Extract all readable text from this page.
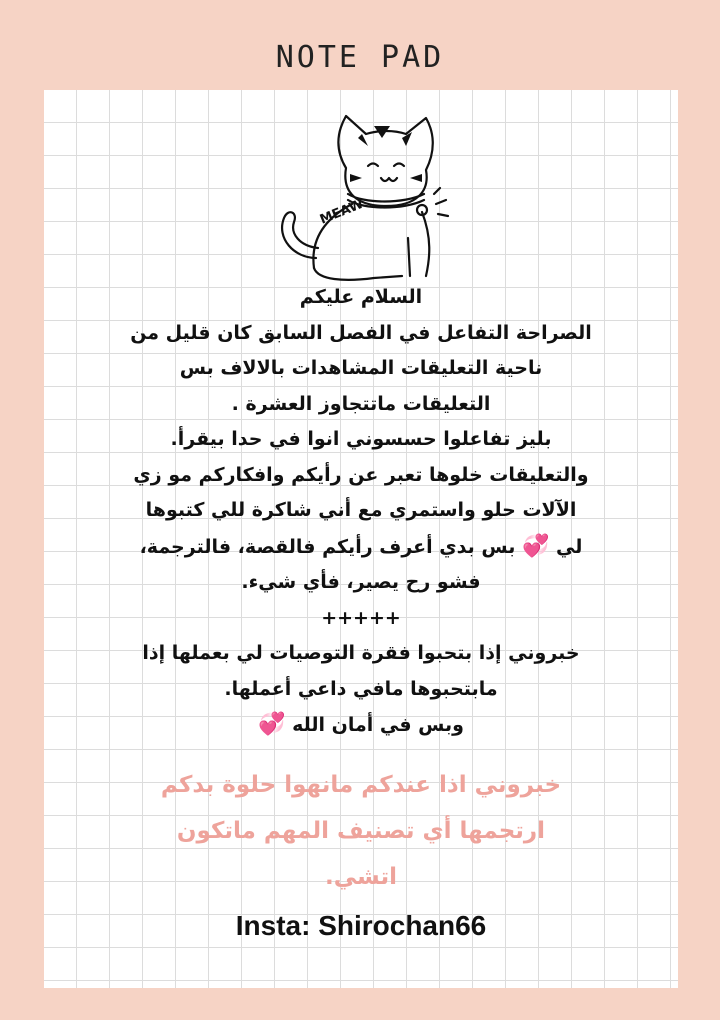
NOTE PAD
MEAW
السلام عليكم
الصراحة التفاعل في الفصل السابق كان قليل من
ناحية التعليقات المشاهدات بالالاف بس
التعليقات ماتتجاوز العشرة .
بليز تفاعلوا حسسوني انوا في حدا بيقرأ.
والتعليقات خلوها تعبر عن رأيكم وافكاركم مو زي
الآلات حلو واستمري مع أني شاكرة للي كتبوها
لي 💞 بس بدي أعرف رأيكم فالقصة، فالترجمة،
فشو رح يصير، فأي شيء.
+++++
خبروني إذا بتحبوا فقرة التوصيات لي بعملها إذا
مابتحبوها مافي داعي أعملها.
وبس في أمان الله 💞
خبروني اذا عندكم مانهوا حلوة بدكم
ارتجمها أي تصنيف المهم ماتكون
اتشي.
Insta: Shirochan66
